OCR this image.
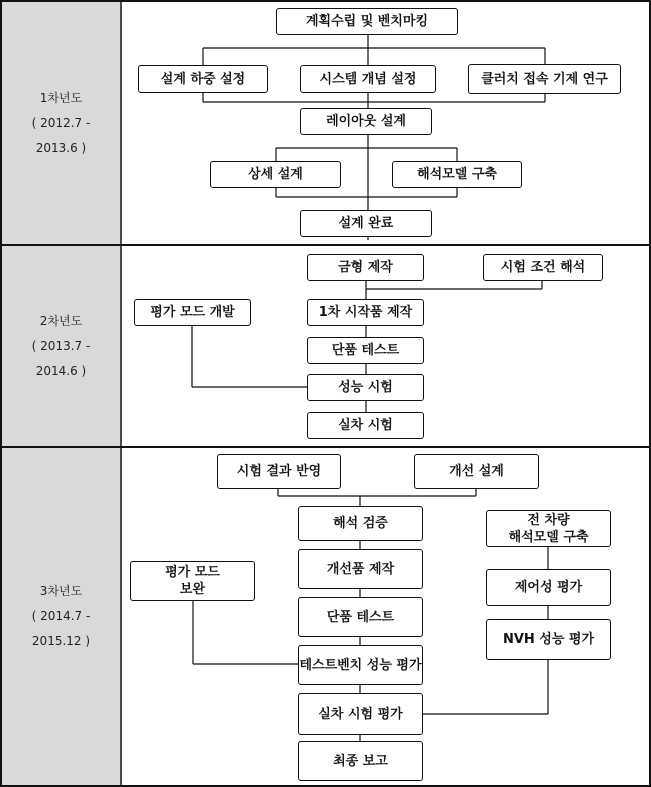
1차년도
( 2012.7 -
2013.6 )
2차년도
( 2013.7 -
2014.6 )
3차년도
( 2014.7 -
2015.12 )
계획수립 및 벤치마킹
설계 하중 설정	시스템 개념 설정	클러치 접속 기제 연구
레이아웃 설계
상세 설계	해석모델 구축
설계 완료
금형 제작	시험 조건 해석
평가 모드 개발	1차 시작품 제작
단품 테스트
성능 시험
실차 시험
시험 결과 반영	개선 설계
해석 검증	전 차량
해석모델 구축
개선품 제작
평가 모드
보완	제어성 평가
단품 테스트
NVH 성능 평가
테스트벤치 성능 평가
실차 시험 평가
최종 보고
